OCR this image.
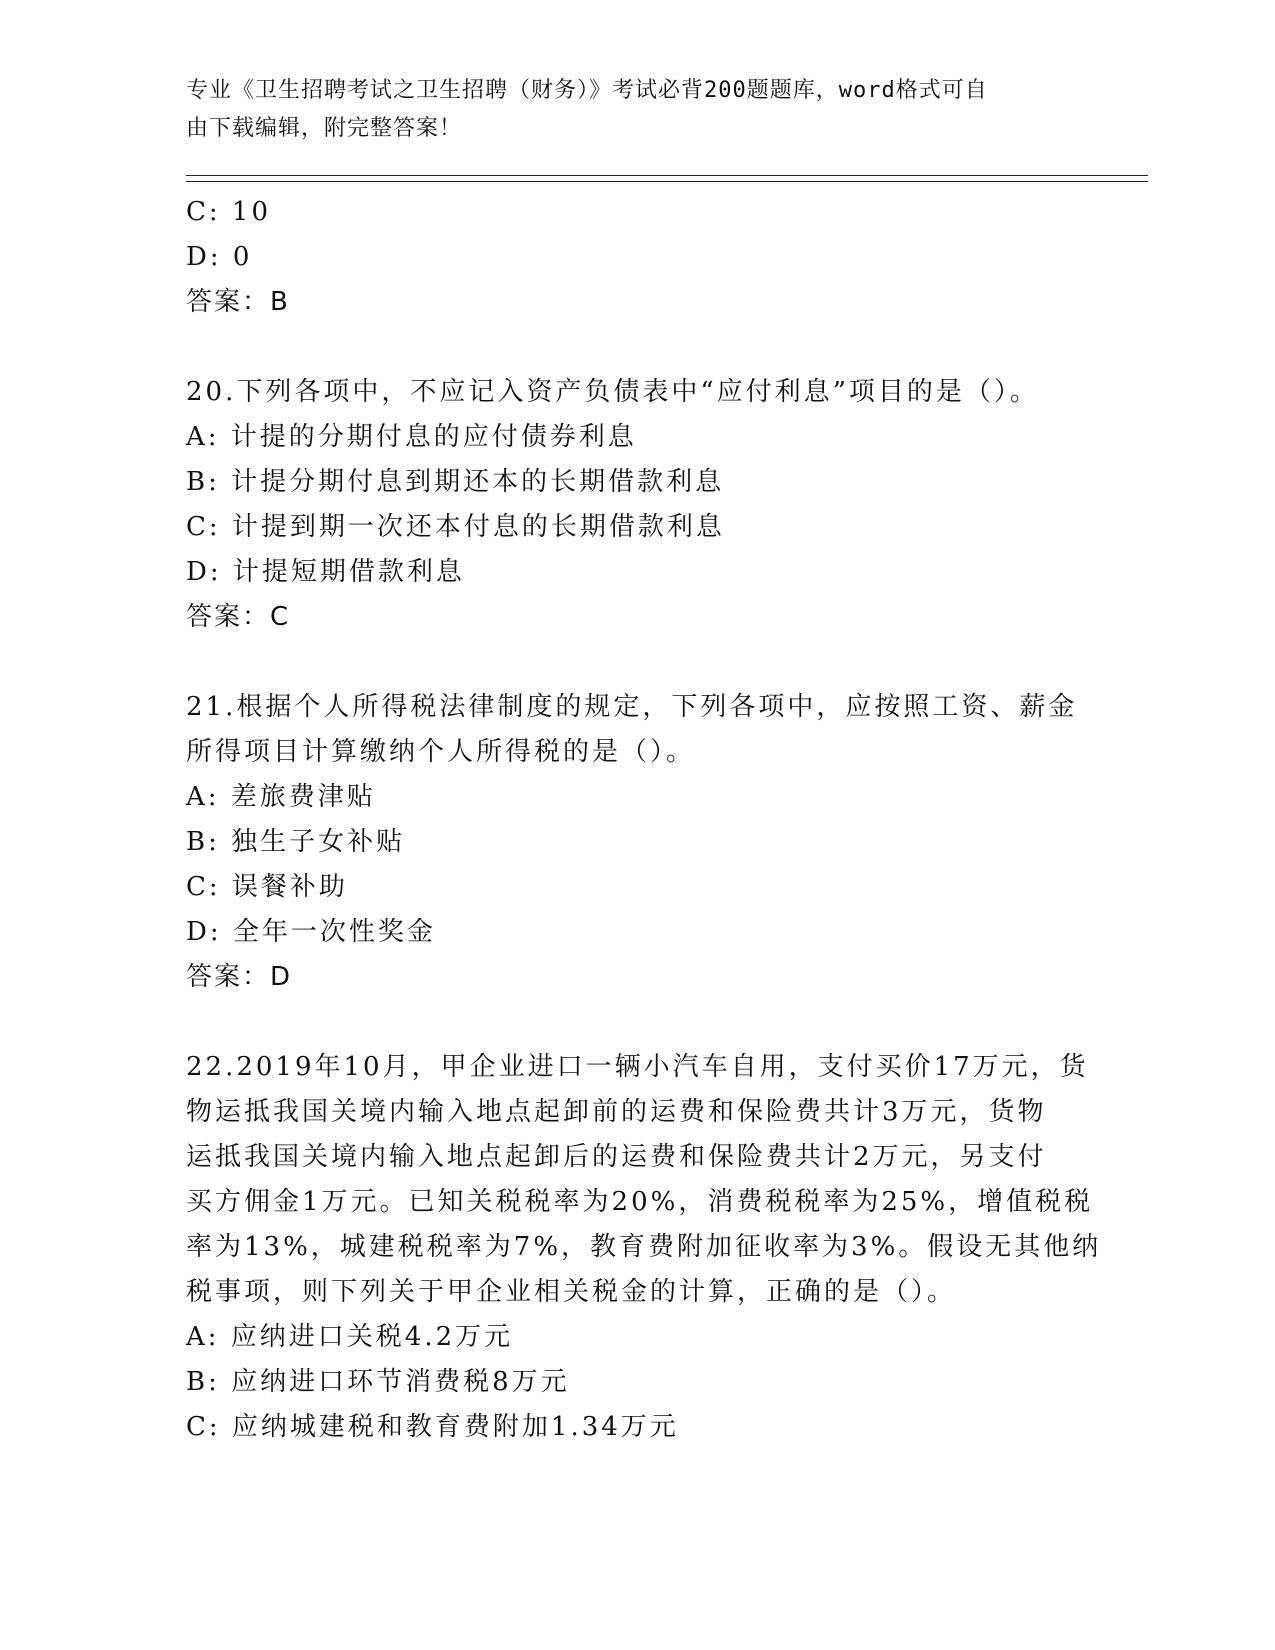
专业《卫生招聘考试之卫生招聘（财务）》考试必背200题题库，word格式可自
由下载编辑，附完整答案！
C: 10
D: 0
答案：B
20.下列各项中，不应记入资产负债表中“应付利息”项目的是（）。
A: 计提的分期付息的应付债券利息
B: 计提分期付息到期还本的长期借款利息
C: 计提到期一次还本付息的长期借款利息
D: 计提短期借款利息
答案：C
21.根据个人所得税法律制度的规定，下列各项中，应按照工资、薪金
所得项目计算缴纳个人所得税的是（）。
A: 差旅费津贴
B: 独生子女补贴
C: 误餐补助
D: 全年一次性奖金
答案：D
22.2019年10月，甲企业进口一辆小汽车自用，支付买价17万元，货
物运抵我国关境内输入地点起卸前的运费和保险费共计3万元，货物
运抵我国关境内输入地点起卸后的运费和保险费共计2万元，另支付
买方佣金1万元。已知关税税率为20%，消费税税率为25%，增值税税
率为13%，城建税税率为7%，教育费附加征收率为3%。假设无其他纳
税事项，则下列关于甲企业相关税金的计算，正确的是（）。
A: 应纳进口关税4.2万元
B: 应纳进口环节消费税8万元
C: 应纳城建税和教育费附加1.34万元
